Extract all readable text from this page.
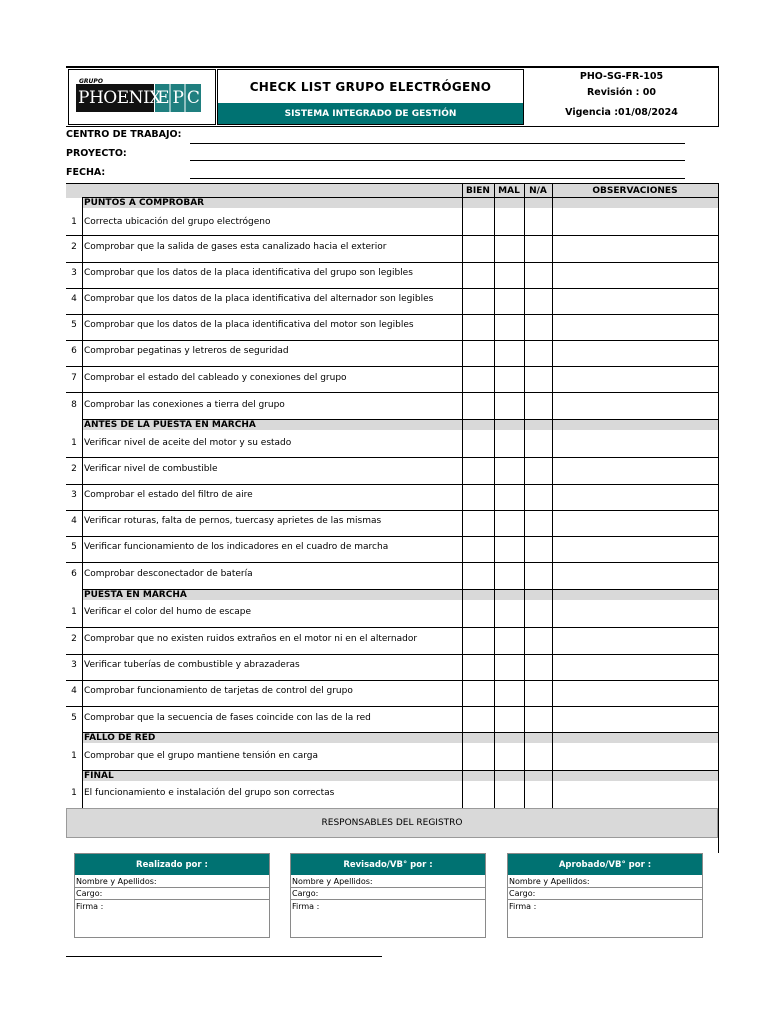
GRUPO
PHOENIX
EPC
CHECK LIST GRUPO ELECTRÓGENO
SISTEMA INTEGRADO DE GESTIÓN
PHO-SG-FR-105
Revisión : 00
Vigencia :01/08/2024
CENTRO DE TRABAJO:
PROYECTO:
FECHA:
BIEN MAL	N/A	OBSERVACIONES
PUNTOS A COMPROBAR
1 Correcta ubicación del grupo electrógeno
2 Comprobar que la salida de gases esta canalizado hacia el exterior
3 Comprobar que los datos de la placa identificativa del grupo son legibles
4 Comprobar que los datos de la placa identificativa del alternador son legibles
5 Comprobar que los datos de la placa identificativa del motor son legibles
6 Comprobar pegatinas y letreros de seguridad
7 Comprobar el estado del cableado y conexiones del grupo
8 Comprobar las conexiones a tierra del grupo
ANTES DE LA PUESTA EN MARCHA
1 Verificar nivel de aceite del motor y su estado
2 Verificar nivel de combustible
3 Comprobar el estado del filtro de aire
4 Verificar roturas, falta de pernos, tuercasy aprietes de las mismas
5 Verificar funcionamiento de los indicadores en el cuadro de marcha
6 Comprobar desconectador de batería
PUESTA EN MARCHA
1 Verificar el color del humo de escape
2 Comprobar que no existen ruidos extraños en el motor ni en el alternador
3 Verificar tuberías de combustible y abrazaderas
4 Comprobar funcionamiento de tarjetas de control del grupo
5 Comprobar que la secuencia de fases coincide con las de la red
FALLO DE RED
1 Comprobar que el grupo mantiene tensión en carga
FINAL
1 El funcionamiento e instalación del grupo son correctas
RESPONSABLES DEL REGISTRO
Realizado por :
Nombre y Apellidos:
Cargo:
Firma :
Revisado/VB° por :
Nombre y Apellidos:
Cargo:
Firma :
Aprobado/VB° por :
Nombre y Apellidos:
Cargo:
Firma :
